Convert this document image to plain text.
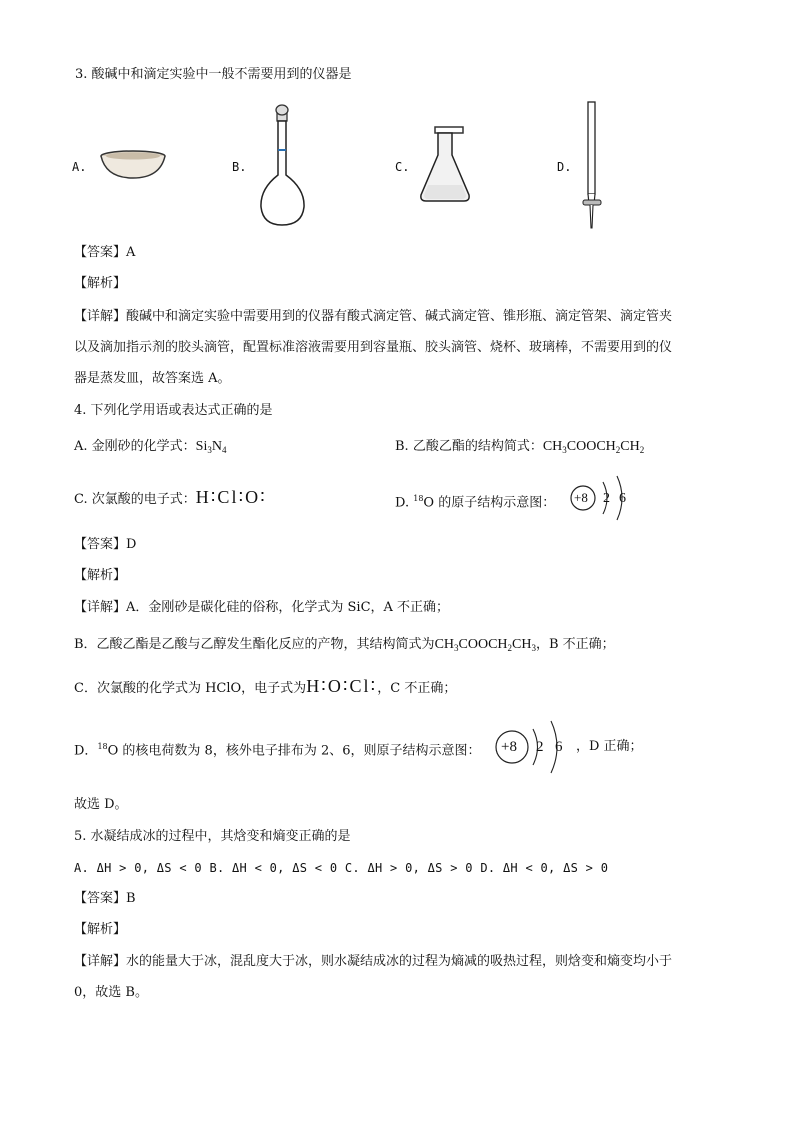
3. 酸碱中和滴定实验中一般不需要用到的仪器是
A.	B.	C.	D.
【答案】A
【解析】
【详解】酸碱中和滴定实验中需要用到的仪器有酸式滴定管、碱式滴定管、锥形瓶、滴定管架、滴定管夹
以及滴加指示剂的胶头滴管，配置标准溶液需要用到容量瓶、胶头滴管、烧杯、玻璃棒，不需要用到的仪
器是蒸发皿，故答案选 A。
4. 下列化学用语或表达式正确的是
A. 金刚砂的化学式：$Si_3N_4$	B. 乙酸乙酯的结构简式：$CH_3COOCH_2CH_2$
C. 次氯酸的电子式：H∶Cl∶O∶	D. $^{18}$O 的原子结构示意图： +8 2 6
【答案】D
【解析】
【详解】A．金刚砂是碳化硅的俗称，化学式为 SiC，A 不正确；
B．乙酸乙酯是乙酸与乙醇发生酯化反应的产物，其结构简式为$CH_3COOCH_2CH_3$，B 不正确；
C．次氯酸的化学式为 HClO，电子式为H∶O∶Cl∶，C 不正确；
D．$^{18}$O 的核电荷数为 8，核外电子排布为 2、6，则原子结构示意图： +8 2 6 ，D 正确；
故选 D。
5. 水凝结成冰的过程中，其焓变和熵变正确的是
A. ΔH > 0, ΔS < 0 B. ΔH < 0, ΔS < 0 C. ΔH > 0, ΔS > 0 D. ΔH < 0, ΔS > 0
【答案】B
【解析】
【详解】水的能量大于冰，混乱度大于冰，则水凝结成冰的过程为熵减的吸热过程，则焓变和熵变均小于
0，故选 B。
